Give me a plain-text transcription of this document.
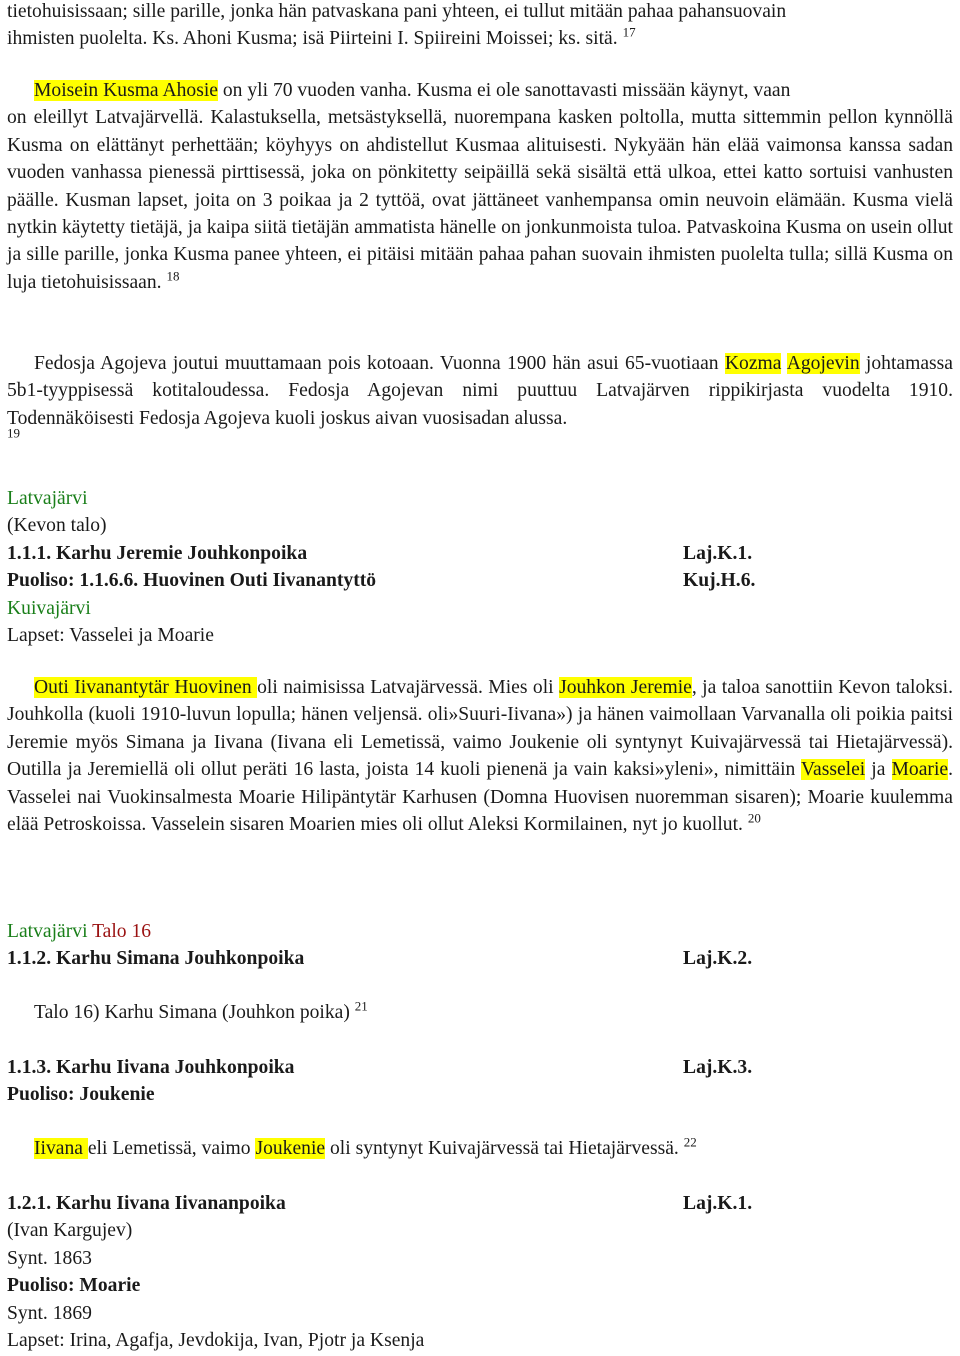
tietohuisissaan; sille parille, jonka hän patvaskana pani yhteen, ei tullut mitään pahaa pahansuovain
ihmisten puolelta. Ks. Ahoni Kusma; isä Piirteini I. Spiireini Moissei; ks. sitä. $^{17}$
Moisein Kusma Ahosie on yli 70 vuoden vanha. Kusma ei ole sanottavasti missään käynyt, vaan
on eleillyt Latvajärvellä. Kalastuksella, metsästyksellä, nuorempana kasken poltolla, mutta sittemmin pellon kynnöllä Kusma on elättänyt perhettään; köyhyys on ahdistellut Kusmaa alituisesti. Nykyään hän elää vaimonsa kanssa sadan vuoden vanhassa pienessä pirttisessä, joka on pönkitetty seipäillä sekä sisältä että ulkoa, ettei katto sortuisi vanhusten päälle. Kusman lapset, joita on 3 poikaa ja 2 tyttöä, ovat jättäneet vanhempansa omin neuvoin elämään. Kusma vielä nytkin käytetty tietäjä, ja kaipa siitä tietäjän ammatista hänelle on jonkunmoista tuloa. Patvaskoina Kusma on usein ollut ja sille parille, jonka Kusma panee yhteen, ei pitäisi mitään pahaa pahan suovain ihmisten puolelta tulla; sillä Kusma on luja tietohuisissaan. $^{18}$
Fedosja Agojeva joutui muuttamaan pois kotoaan. Vuonna 1900 hän asui 65-vuotiaan Kozma Agojevin johtamassa 5b1-tyyppisessä kotitaloudessa. Fedosja Agojevan nimi puuttuu Latvajärven rippikirjasta vuodelta 1910. Todennäköisesti Fedosja Agojeva kuoli joskus aivan vuosisadan alussa.
$^{19}$
Latvajärvi
(Kevon talo)
1.1.1. Karhu Jeremie Jouhkonpoika	Laj.K.1.
Puoliso: 1.1.6.6. Huovinen Outi Iivanantyttö	Kuj.H.6.
Kuivajärvi
Lapset: Vasselei ja Moarie
Outi Iivanantytär Huovinen oli naimisissa Latvajärvessä. Mies oli Jouhkon Jeremie, ja taloa sanottiin Kevon taloksi. Jouhkolla (kuoli 1910-luvun lopulla; hänen veljensä. oli»Suuri-Iivana») ja hänen vaimollaan Varvanalla oli poikia paitsi Jeremie myös Simana ja Iivana (Iivana eli Lemetissä, vaimo Joukenie oli syntynyt Kuivajärvessä tai Hietajärvessä). Outilla ja Jeremiellä oli ollut peräti 16 lasta, joista 14 kuoli pienenä ja vain kaksi»yleni», nimittäin Vasselei ja Moarie. Vasselei nai Vuokinsalmesta Moarie Hilipäntytär Karhusen (Domna Huovisen nuoremman sisaren); Moarie kuulemma elää Petroskoissa. Vasselein sisaren Moarien mies oli ollut Aleksi Kormilainen, nyt jo kuollut. $^{20}$
Latvajärvi Talo 16
1.1.2. Karhu Simana Jouhkonpoika	Laj.K.2.
Talo 16) Karhu Simana (Jouhkon poika) $^{21}$
1.1.3. Karhu Iivana Jouhkonpoika	Laj.K.3.
Puoliso: Joukenie
Iivana eli Lemetissä, vaimo Joukenie oli syntynyt Kuivajärvessä tai Hietajärvessä. $^{22}$
1.2.1. Karhu Iivana Iivananpoika	Laj.K.1.
(Ivan Kargujev)
Synt. 1863
Puoliso: Moarie
Synt. 1869
Lapset: Irina, Agafja, Jevdokija, Ivan, Pjotr ja Ksenja
